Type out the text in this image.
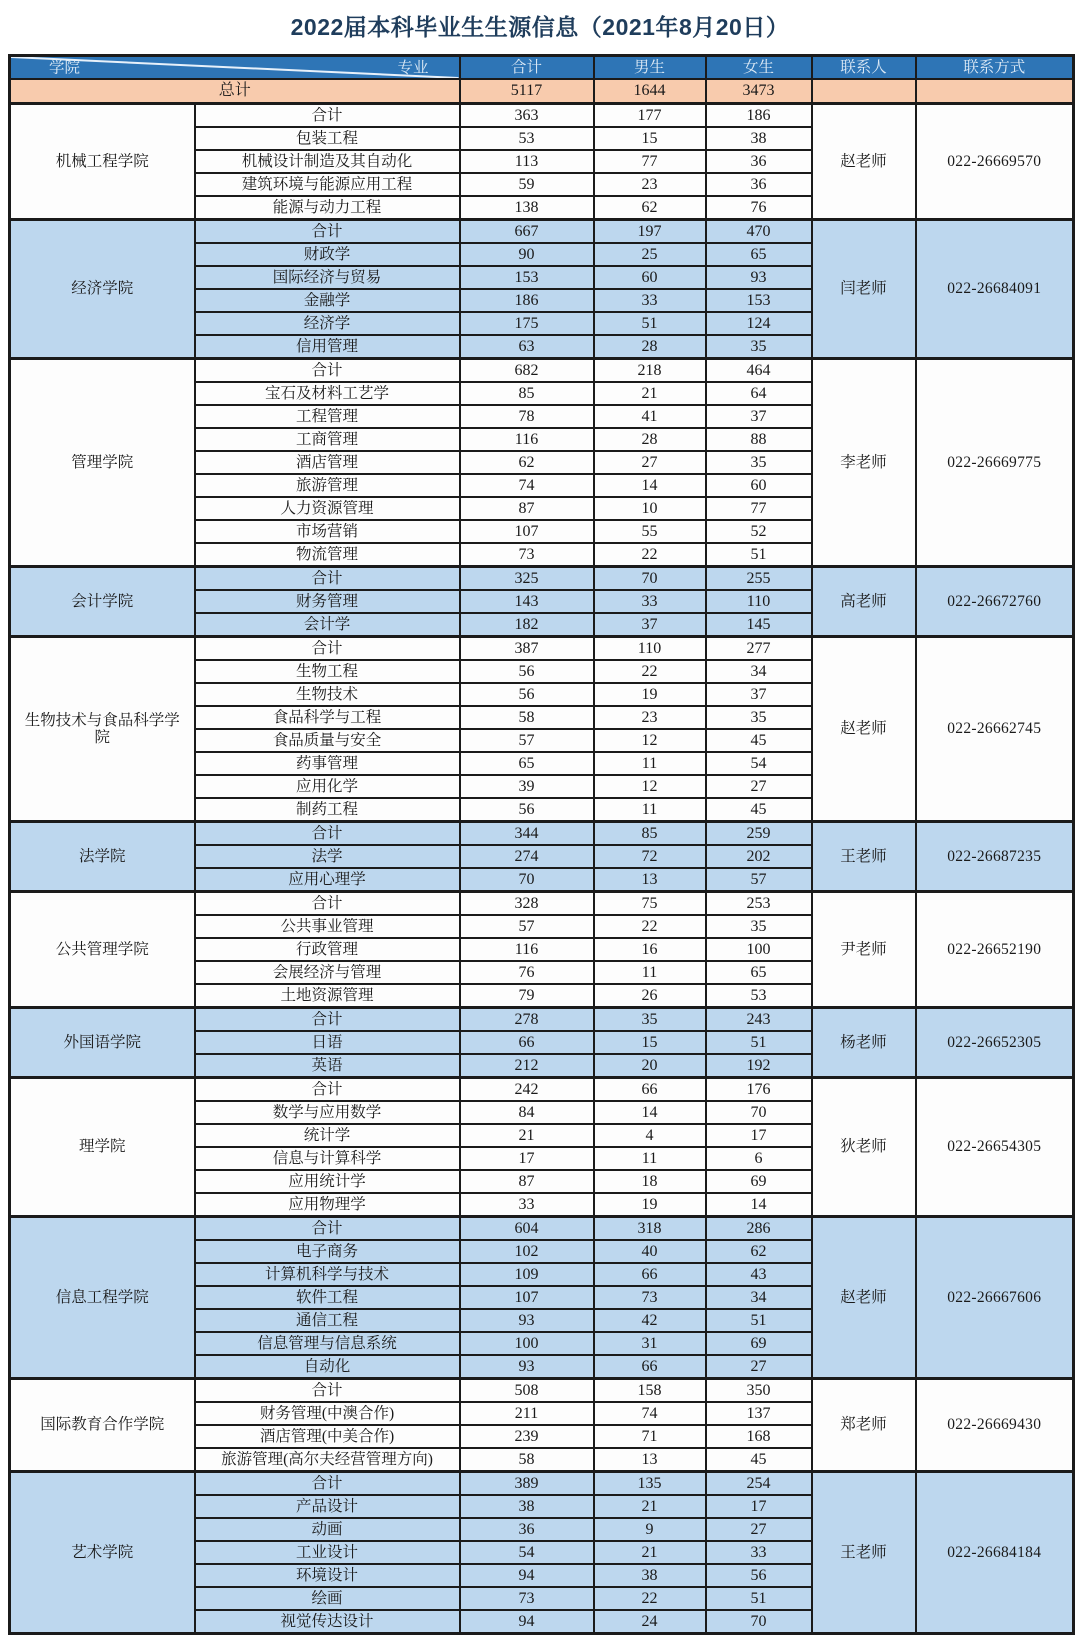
2022届本科毕业生生源信息（2021年8月20日）
学院 专业		合计	男生	女生	联系人	联系方式
总计		5117	1644	3473		
机械工程学院	合计	363	177	186	赵老师	022-26669570
	包装工程	53	15	38		
	机械设计制造及其自动化	113	77	36		
	建筑环境与能源应用工程	59	23	36		
	能源与动力工程	138	62	76		
经济学院	合计	667	197	470	闫老师	022-26684091
	财政学	90	25	65		
	国际经济与贸易	153	60	93		
	金融学	186	33	153		
	经济学	175	51	124		
	信用管理	63	28	35		
管理学院	合计	682	218	464	李老师	022-26669775
	宝石及材料工艺学	85	21	64		
	工程管理	78	41	37		
	工商管理	116	28	88		
	酒店管理	62	27	35		
	旅游管理	74	14	60		
	人力资源管理	87	10	77		
	市场营销	107	55	52		
	物流管理	73	22	51		
会计学院	合计	325	70	255	高老师	022-26672760
	财务管理	143	33	110		
	会计学	182	37	145		
生物技术与食品科学学院	合计	387	110	277	赵老师	022-26662745
	生物工程	56	22	34		
	生物技术	56	19	37		
	食品科学与工程	58	23	35		
	食品质量与安全	57	12	45		
	药事管理	65	11	54		
	应用化学	39	12	27		
	制药工程	56	11	45		
法学院	合计	344	85	259	王老师	022-26687235
	法学	274	72	202		
	应用心理学	70	13	57		
公共管理学院	合计	328	75	253	尹老师	022-26652190
	公共事业管理	57	22	35		
	行政管理	116	16	100		
	会展经济与管理	76	11	65		
	土地资源管理	79	26	53		
外国语学院	合计	278	35	243	杨老师	022-26652305
	日语	66	15	51		
	英语	212	20	192		
理学院	合计	242	66	176	狄老师	022-26654305
	数学与应用数学	84	14	70		
	统计学	21	4	17		
	信息与计算科学	17	11	6		
	应用统计学	87	18	69		
	应用物理学	33	19	14		
信息工程学院	合计	604	318	286	赵老师	022-26667606
	电子商务	102	40	62		
	计算机科学与技术	109	66	43		
	软件工程	107	73	34		
	通信工程	93	42	51		
	信息管理与信息系统	100	31	69		
	自动化	93	66	27		
国际教育合作学院	合计	508	158	350	郑老师	022-26669430
	财务管理(中澳合作)	211	74	137		
	酒店管理(中美合作)	239	71	168		
	旅游管理(高尔夫经营管理方向)	58	13	45		
艺术学院	合计	389	135	254	王老师	022-26684184
	产品设计	38	21	17		
	动画	36	9	27		
	工业设计	54	21	33		
	环境设计	94	38	56		
	绘画	73	22	51		
	视觉传达设计	94	24	70		
